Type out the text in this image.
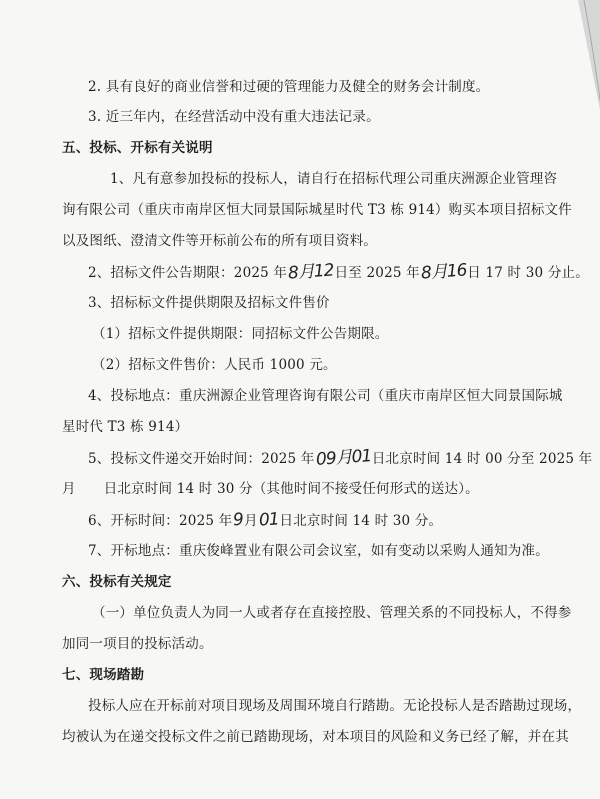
2. 具有良好的商业信誉和过硬的管理能力及健全的财务会计制度。
3. 近三年内，在经营活动中没有重大违法记录。
五、投标、开标有关说明
1、凡有意参加投标的投标人，请自行在招标代理公司重庆洲源企业管理咨
询有限公司（重庆市南岸区恒大同景国际城星时代 T3 栋 914）购买本项目招标文件
以及图纸、澄清文件等开标前公布的所有项目资料。
2、招标文件公告期限：2025 年8月12日至 2025 年8月16日 17 时 30 分止。
3、招标标文件提供期限及招标文件售价
（1）招标文件提供期限：同招标文件公告期限。
（2）招标文件售价：人民币 1000 元。
4、投标地点：重庆洲源企业管理咨询有限公司（重庆市南岸区恒大同景国际城
星时代 T3 栋 914）
5、投标文件递交开始时间：2025 年09月01日北京时间 14 时 00 分至 2025 年
月 日北京时间 14 时 30 分（其他时间不接受任何形式的送达）。
6、开标时间：2025 年9月01日北京时间 14 时 30 分。
7、开标地点：重庆俊峰置业有限公司会议室，如有变动以采购人通知为准。
六、投标有关规定
（一）单位负责人为同一人或者存在直接控股、管理关系的不同投标人，不得参
加同一项目的投标活动。
七、现场踏勘
投标人应在开标前对项目现场及周围环境自行踏勘。无论投标人是否踏勘过现场，
均被认为在递交投标文件之前已踏勘现场，对本项目的风险和义务已经了解，并在其
